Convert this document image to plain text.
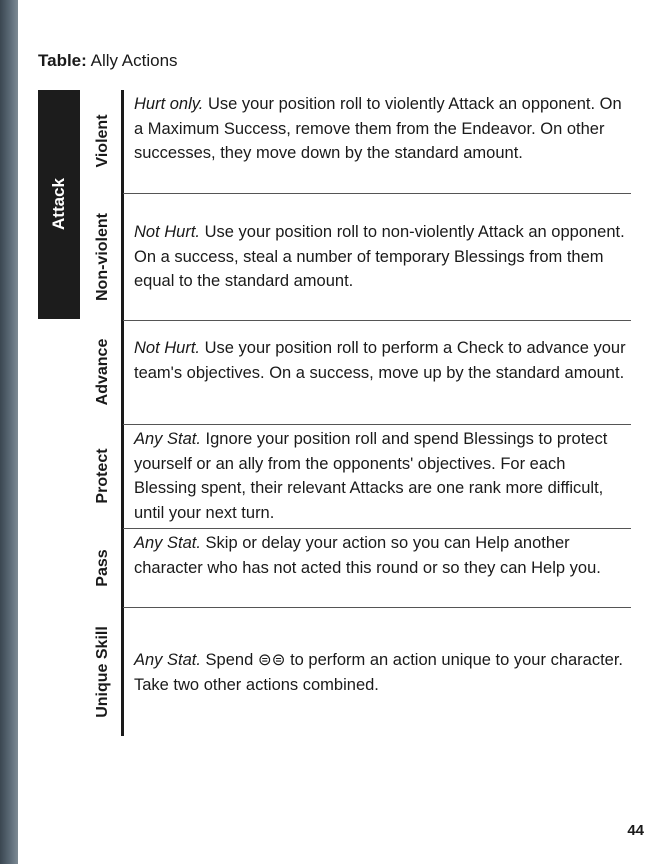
Table: Ally Actions
Attack
Violent
Non-violent
Advance
Protect
Pass
Unique Skill
Hurt only. Use your position roll to violently Attack an opponent. On a Maximum Success, remove them from the Endeavor. On other successes, they move down by the standard amount.
Not Hurt. Use your position roll to non-violently Attack an opponent. On a success, steal a number of temporary Blessings from them equal to the standard amount.
Not Hurt. Use your position roll to perform a Check to advance your team's objectives. On a success, move up by the standard amount.
Any Stat. Ignore your position roll and spend Blessings to protect yourself or an ally from the opponents' objectives. For each Blessing spent, their relevant Attacks are one rank more difficult, until your next turn.
Any Stat. Skip or delay your action so you can Help another character who has not acted this round or so they can Help you.
Any Stat. Spend ⊜⊜ to perform an action unique to your character. Take two other actions combined.
44
